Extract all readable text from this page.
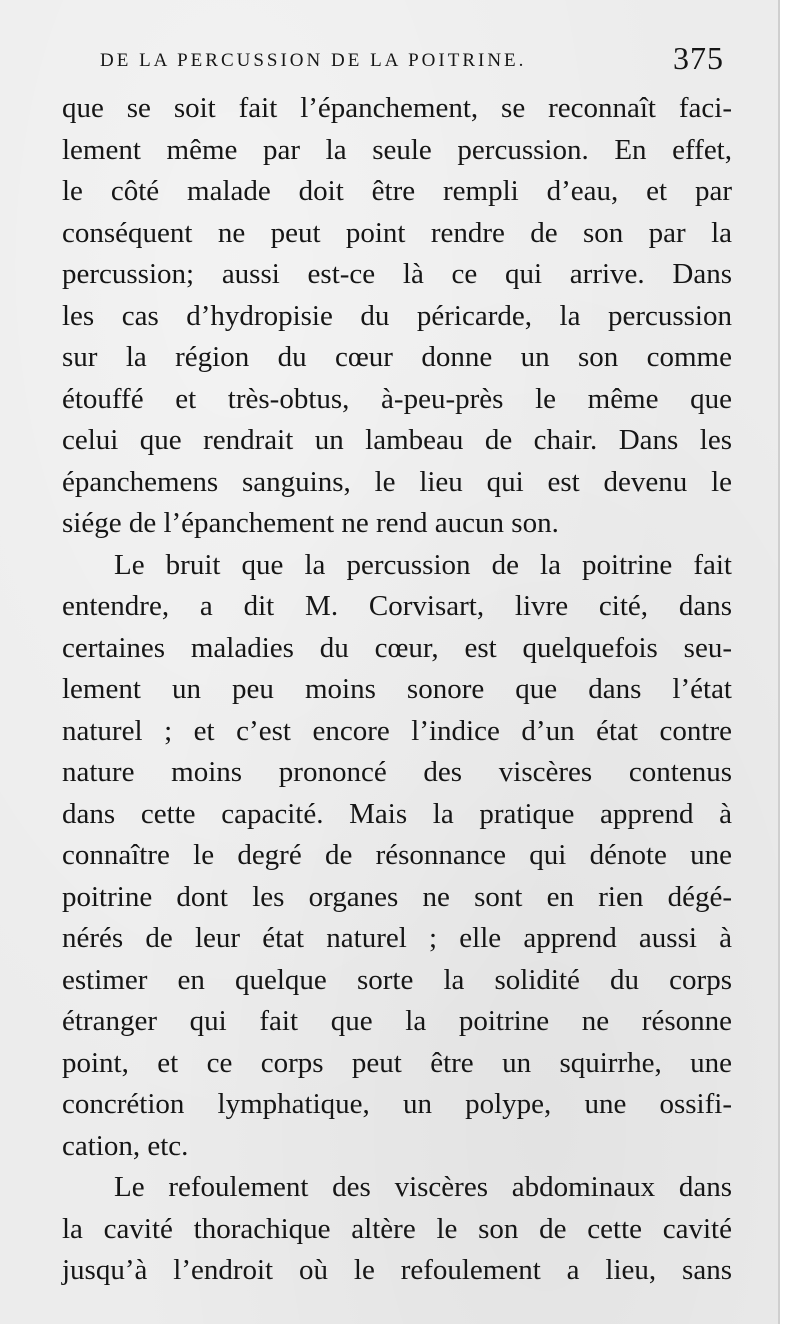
DE LA PERCUSSION DE LA POITRINE.	375
que se soit fait l’épanchement, se reconnaît faci-
lement même par la seule percussion. En effet,
le côté malade doit être rempli d’eau, et par
conséquent ne peut point rendre de son par la
percussion; aussi est-ce là ce qui arrive. Dans
les cas d’hydropisie du péricarde, la percussion
sur la région du cœur donne un son comme
étouffé et très-obtus, à-peu-près le même que
celui que rendrait un lambeau de chair. Dans les
épanchemens sanguins, le lieu qui est devenu le
siége de l’épanchement ne rend aucun son.
Le bruit que la percussion de la poitrine fait
entendre, a dit M. Corvisart, livre cité, dans
certaines maladies du cœur, est quelquefois seu-
lement un peu moins sonore que dans l’état
naturel ; et c’est encore l’indice d’un état contre
nature moins prononcé des viscères contenus
dans cette capacité. Mais la pratique apprend à
connaître le degré de résonnance qui dénote une
poitrine dont les organes ne sont en rien dégé-
nérés de leur état naturel ; elle apprend aussi à
estimer en quelque sorte la solidité du corps
étranger qui fait que la poitrine ne résonne
point, et ce corps peut être un squirrhe, une
concrétion lymphatique, un polype, une ossifi-
cation, etc.
Le refoulement des viscères abdominaux dans
la cavité thorachique altère le son de cette cavité
jusqu’à l’endroit où le refoulement a lieu, sans
